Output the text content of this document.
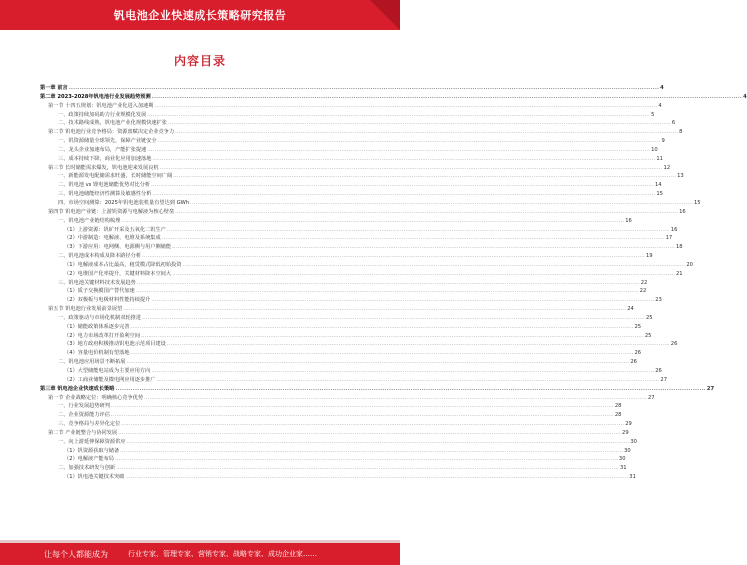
钒电池企业快速成长策略研究报告
内容目录
第一章 前言 .....	4
第二章 2023-2028年钒电池行业发展趋势预测 .....	4
第一节 十四五规划：钒电池产业化进入加速期 .....	4
一、政策持续加码助力行业规模化发展 .....	5
二、技术路线成熟，钒电池产业化规模快速扩张 .....	6
第二节 钒电池行业竞争格局：资源禀赋决定企业竞争力 .....	8
一、钒资源储量全球领先，保障产业链安全 .....	9
二、龙头企业加速布局，产能扩张提速 .....	10
三、成本持续下降，商业化应用加速落地 .....	11
第三节 长时储能需求爆发，钒电池迎来发展良机 .....	12
一、新能源发电配储需求旺盛，长时储能空间广阔 .....	13
二、钒电池 vs 锂电池储能优势对比分析 .....	14
三、钒电池储能经济性测算及敏感性分析 .....	15
四、市场空间测算：2025年钒电池装机量有望达到 GWh .....	15
第四节 钒电池产业链：上游钒资源与电解液为核心壁垒 .....	16
一、钒电池产业链结构梳理 .....	16
（1）上游资源：钒矿开采及五氧化二钒生产 .....	16
（2）中游制造：电解液、电堆及系统集成 .....	17
（3）下游应用：电网侧、电源侧与用户侧储能 .....	18
二、钒电池成本构成及降本路径分析 .....	19
（1）电解液成本占比最高，租赁模式降低初始投资 .....	20
（2）电堆国产化率提升，关键材料降本空间大 .....	21
三、钒电池关键材料技术发展趋势 .....	22
（1）质子交换膜国产替代加速 .....	22
（2）双极板与电极材料性能持续提升 .....	23
第五节 钒电池行业发展前景展望 .....	24
一、政策驱动与市场化机制双轮推进 .....	25
（1）储能政策体系逐步完善 .....	25
（2）电力市场改革打开盈利空间 .....	25
（3）地方政府积极推动钒电池示范项目建设 .....	26
（4）容量电价机制有望落地 .....	26
二、钒电池应用场景不断拓展 .....	26
（1）大型储能电站成为主要应用方向 .....	26
（2）工商业储能及微电网应用逐步推广 .....	27
第三章 钒电池企业快速成长策略 .....	27
第一节 企业战略定位：明确核心竞争优势 .....	27
一、行业发展趋势研判 .....	28
二、企业资源能力评估 .....	28
三、竞争格局与差异化定位 .....	29
第二节 产业链整合与协同发展 .....	29
一、向上游延伸保障资源供应 .....	30
（1）钒资源获取与储备 .....	30
（2）电解液产能布局 .....	30
二、加强技术研发与创新 .....	31
（1）钒电池关键技术突破 .....	31
让每个人都能成为	行业专家、管理专家、营销专家、战略专家、成功企业家……
